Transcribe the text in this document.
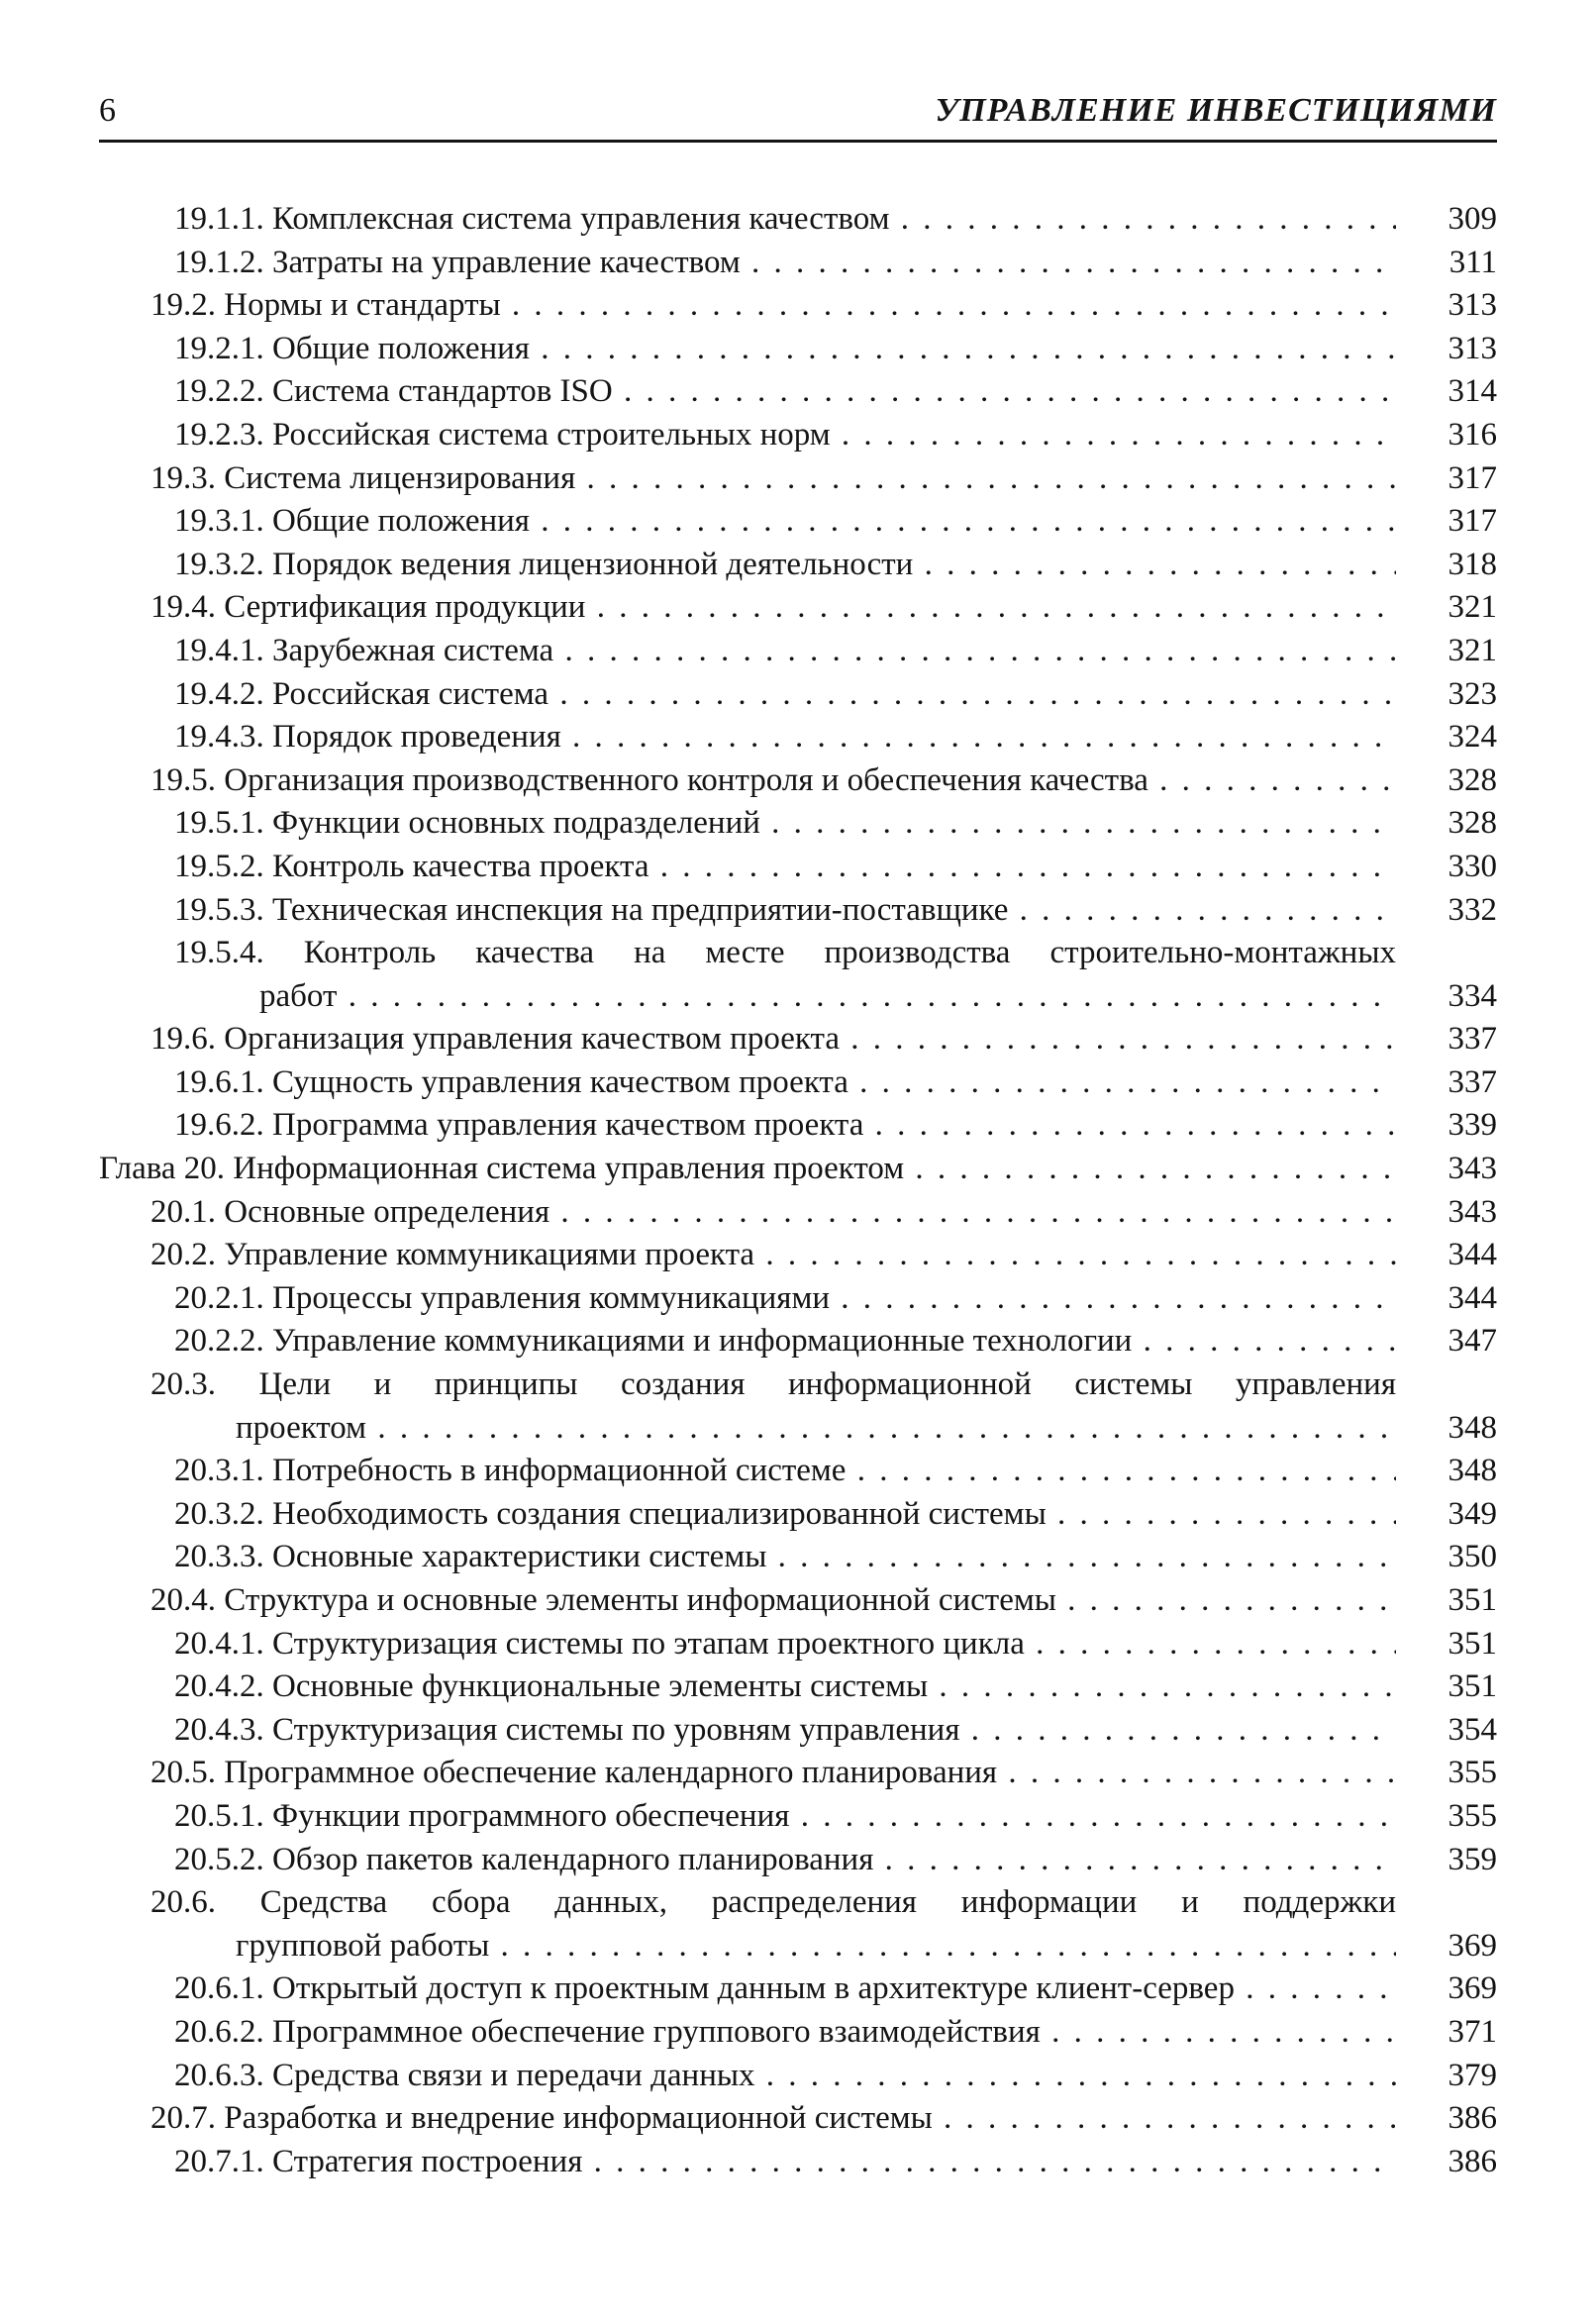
6	УПРАВЛЕНИЕ ИНВЕСТИЦИЯМИ
19.1.1. Комплексная система управления качеством . . .	309
19.1.2. Затраты на управление качеством . . .	311
19.2. Нормы и стандарты . . .	313
19.2.1. Общие положения . . .	313
19.2.2. Система стандартов ISO . . .	314
19.2.3. Российская система строительных норм . . .	316
19.3. Система лицензирования . . .	317
19.3.1. Общие положения . . .	317
19.3.2. Порядок ведения лицензионной деятельности . . .	318
19.4. Сертификация продукции . . .	321
19.4.1. Зарубежная система . . .	321
19.4.2. Российская система . . .	323
19.4.3. Порядок проведения . . .	324
19.5. Организация производственного контроля и обеспечения качества . . .	328
19.5.1. Функции основных подразделений . . .	328
19.5.2. Контроль качества проекта . . .	330
19.5.3. Техническая инспекция на предприятии-поставщике . . .	332
19.5.4. Контроль качества на месте производства строительно-монтажных
работ . . .	334
19.6. Организация управления качеством проекта . . .	337
19.6.1. Сущность управления качеством проекта . . .	337
19.6.2. Программа управления качеством проекта . . .	339
Глава 20. Информационная система управления проектом . . .	343
20.1. Основные определения . . .	343
20.2. Управление коммуникациями проекта . . .	344
20.2.1. Процессы управления коммуникациями . . .	344
20.2.2. Управление коммуникациями и информационные технологии . . .	347
20.3. Цели и принципы создания информационной системы управления
проектом . . .	348
20.3.1. Потребность в информационной системе . . .	348
20.3.2. Необходимость создания специализированной системы . . .	349
20.3.3. Основные характеристики системы . . .	350
20.4. Структура и основные элементы информационной системы . . .	351
20.4.1. Структуризация системы по этапам проектного цикла . . .	351
20.4.2. Основные функциональные элементы системы . . .	351
20.4.3. Структуризация системы по уровням управления . . .	354
20.5. Программное обеспечение календарного планирования . . .	355
20.5.1. Функции программного обеспечения . . .	355
20.5.2. Обзор пакетов календарного планирования . . .	359
20.6. Средства сбора данных, распределения информации и поддержки
групповой работы . . .	369
20.6.1. Открытый доступ к проектным данным в архитектуре клиент-сервер . . .	369
20.6.2. Программное обеспечение группового взаимодействия . . .	371
20.6.3. Средства связи и передачи данных . . .	379
20.7. Разработка и внедрение информационной системы . . .	386
20.7.1. Стратегия построения . . .	386
